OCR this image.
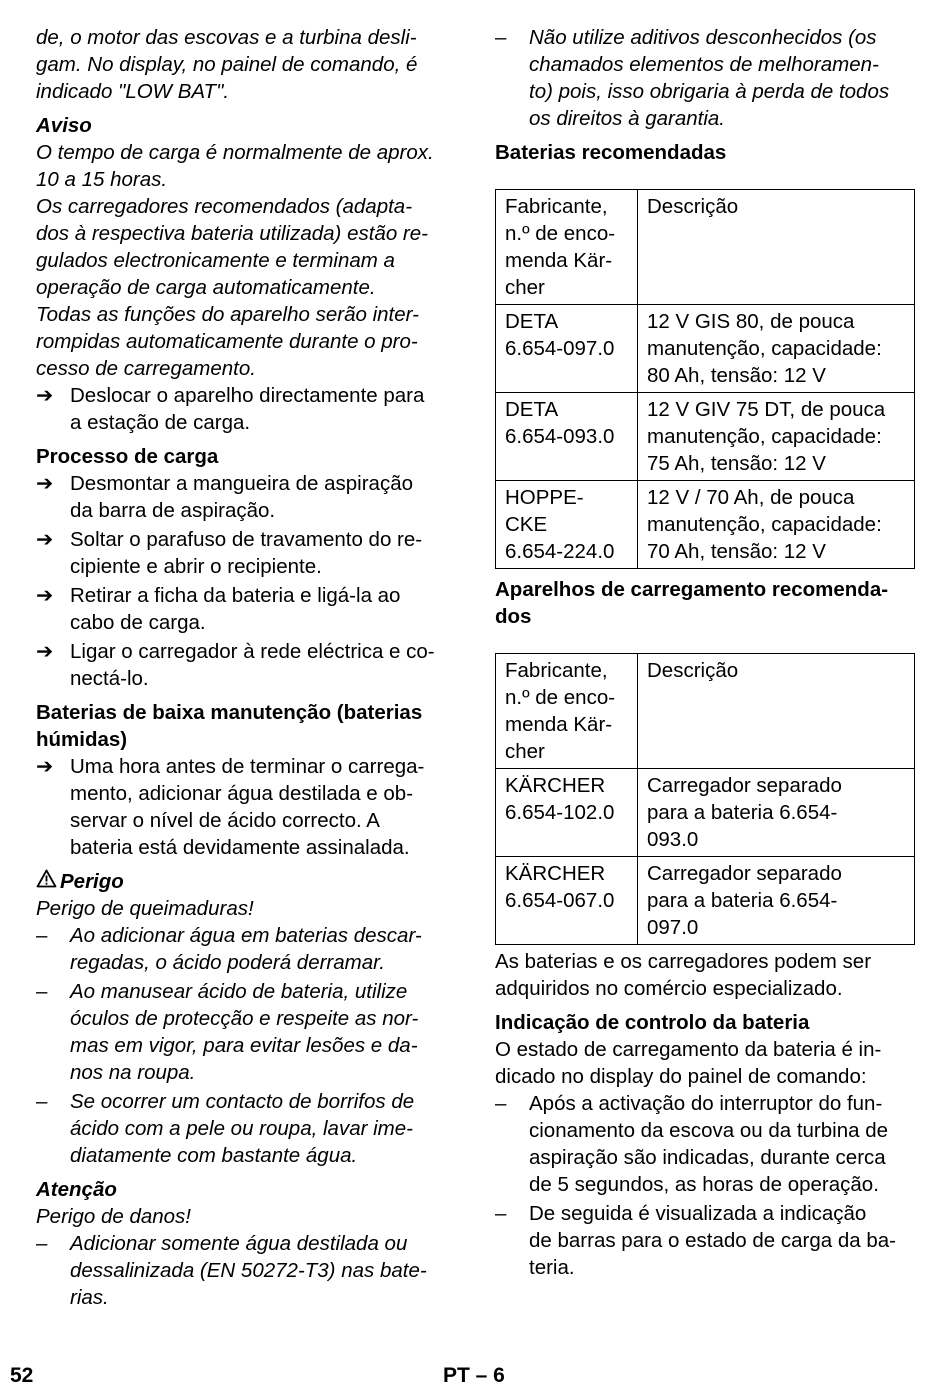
de, o motor das escovas e a turbina desli-
gam. No display, no painel de comando, é
indicado "LOW BAT".

Aviso

O tempo de carga é normalmente de aprox.
10 a 15 horas.
Os carregadores recomendados (adapta-
dos à respectiva bateria utilizada) estão re-
gulados electronicamente e terminam a
operação de carga automaticamente.
Todas as funções do aparelho serão inter-
rompidas automaticamente durante o pro-
cesso de carregamento.

➔ Deslocar o aparelho directamente para
a estação de carga.

Processo de carga

➔ Desmontar a mangueira de aspiração
da barra de aspiração.
➔ Soltar o parafuso de travamento do re-
cipiente e abrir o recipiente.
➔ Retirar a ficha da bateria e ligá-la ao
cabo de carga.
➔ Ligar o carregador à rede eléctrica e co-
nectá-lo.

Baterias de baixa manutenção (baterias
húmidas)

➔ Uma hora antes de terminar o carrega-
mento, adicionar água destilada e ob-
servar o nível de ácido correcto. A
bateria está devidamente assinalada.

Perigo

Perigo de queimaduras!

–	Ao adicionar água em baterias descar-
regadas, o ácido poderá derramar.
–	Ao manusear ácido de bateria, utilize
óculos de protecção e respeite as nor-
mas em vigor, para evitar lesões e da-
nos na roupa.
–	Se ocorrer um contacto de borrifos de
ácido com a pele ou roupa, lavar ime-
diatamente com bastante água.

Atenção

Perigo de danos!

–	Adicionar somente água destilada ou
dessalinizada (EN 50272-T3) nas bate-
rias.
–	Não utilize aditivos desconhecidos (os
chamados elementos de melhoramen-
to) pois, isso obrigaria à perda de todos
os direitos à garantia.

Baterias recomendadas

Fabricante,
n.º de enco-
menda Kär-
cher	Descrição
DETA
6.654-097.0	12 V GIS 80, de pouca
manutenção, capacidade:
80 Ah, tensão: 12 V
DETA
6.654-093.0	12 V GIV 75 DT, de pouca
manutenção, capacidade:
75 Ah, tensão: 12 V
HOPPE-
CKE
6.654-224.0	12 V / 70 Ah, de pouca
manutenção, capacidade:
70 Ah, tensão: 12 V

Aparelhos de carregamento recomenda-
dos

Fabricante,
n.º de enco-
menda Kär-
cher	Descrição
KÄRCHER
6.654-102.0	Carregador separado
para a bateria 6.654-
093.0
KÄRCHER
6.654-067.0	Carregador separado
para a bateria 6.654-
097.0

As baterias e os carregadores podem ser
adquiridos no comércio especializado.

Indicação de controlo da bateria

O estado de carregamento da bateria é in-
dicado no display do painel de comando:

–	Após a activação do interruptor do fun-
cionamento da escova ou da turbina de
aspiração são indicadas, durante cerca
de 5 segundos, as horas de operação.
–	De seguida é visualizada a indicação
de barras para o estado de carga da ba-
teria.
52	PT – 6
